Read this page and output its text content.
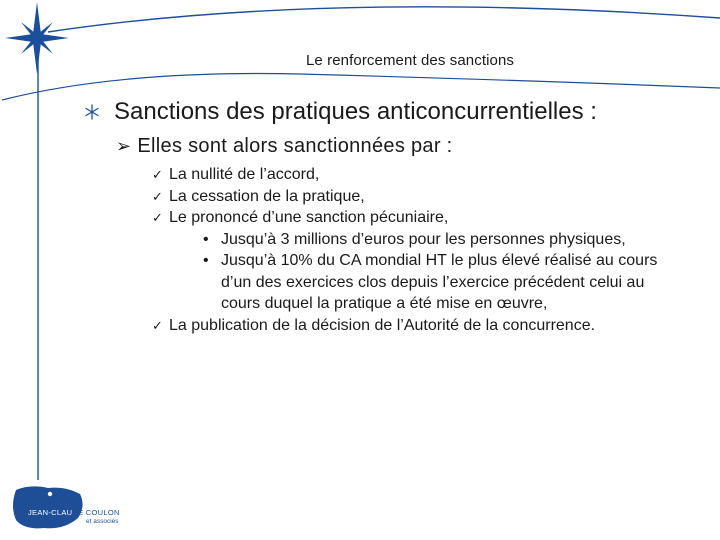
Le renforcement des sanctions
Sanctions des pratiques anticoncurrentielles :
➢ Elles sont alors sanctionnées par :
✓ La nullité de l’accord,
✓ La cessation de la pratique,
✓ Le prononcé d’une sanction pécuniaire,
• Jusqu’à 3 millions d’euros pour les personnes physiques,
• Jusqu’à 10% du CA mondial HT le plus élevé réalisé au cours d’un des exercices clos depuis l’exercice précédent celui au cours duquel la pratique a été mise en œuvre,
✓ La publication de la décision de l’Autorité de la concurrence.
JEAN-CLAUDE COULON
et associés
